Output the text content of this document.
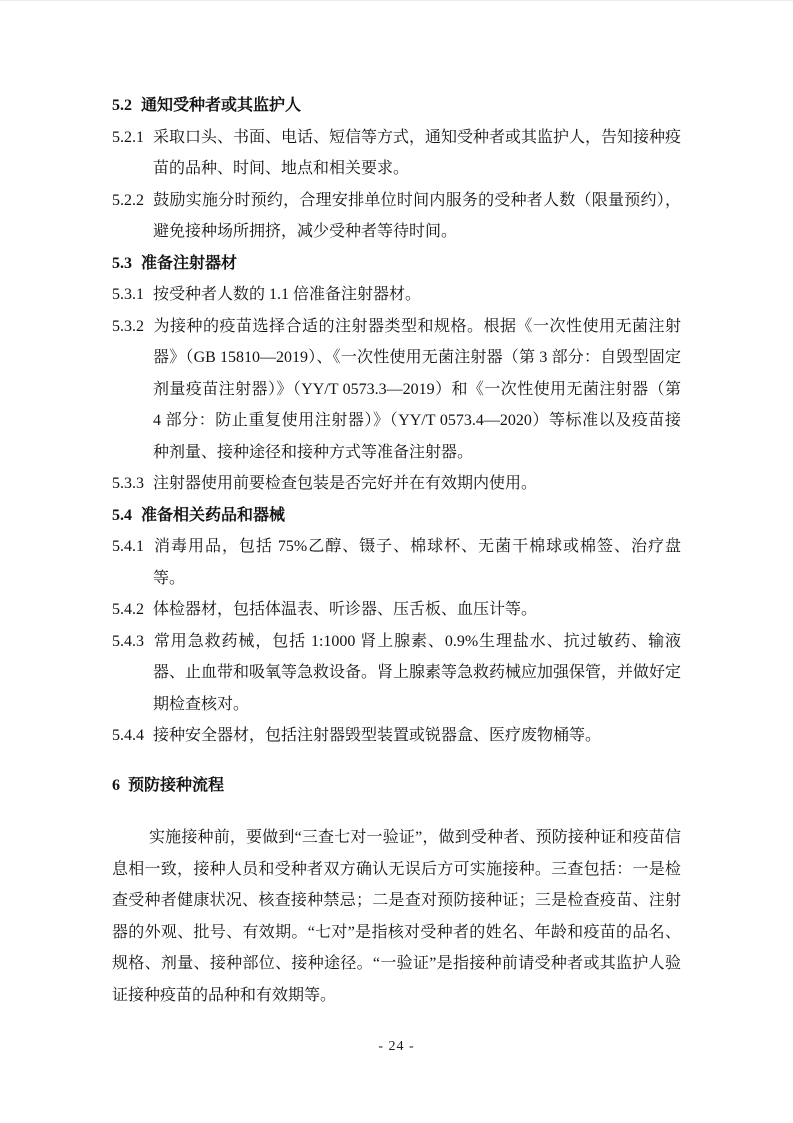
5.2 通知受种者或其监护人
5.2.1 采取口头、书面、电话、短信等方式，通知受种者或其监护人，告知接种疫苗的品种、时间、地点和相关要求。
5.2.2 鼓励实施分时预约，合理安排单位时间内服务的受种者人数（限量预约），避免接种场所拥挤，减少受种者等待时间。
5.3 准备注射器材
5.3.1 按受种者人数的 1.1 倍准备注射器材。
5.3.2 为接种的疫苗选择合适的注射器类型和规格。根据《一次性使用无菌注射器》（GB 15810—2019）、《一次性使用无菌注射器（第 3 部分：自毁型固定剂量疫苗注射器）》（YY/T 0573.3—2019）和《一次性使用无菌注射器（第 4 部分：防止重复使用注射器）》（YY/T 0573.4—2020）等标准以及疫苗接种剂量、接种途径和接种方式等准备注射器。
5.3.3 注射器使用前要检查包装是否完好并在有效期内使用。
5.4 准备相关药品和器械
5.4.1 消毒用品，包括 75%乙醇、镊子、棉球杯、无菌干棉球或棉签、治疗盘等。
5.4.2 体检器材，包括体温表、听诊器、压舌板、血压计等。
5.4.3 常用急救药械，包括 1:1000 肾上腺素、0.9%生理盐水、抗过敏药、输液器、止血带和吸氧等急救设备。肾上腺素等急救药械应加强保管，并做好定期检查核对。
5.4.4 接种安全器材，包括注射器毁型装置或锐器盒、医疗废物桶等。
6 预防接种流程
实施接种前，要做到“三查七对一验证”，做到受种者、预防接种证和疫苗信息相一致，接种人员和受种者双方确认无误后方可实施接种。三查包括：一是检查受种者健康状况、核查接种禁忌；二是查对预防接种证；三是检查疫苗、注射器的外观、批号、有效期。“七对”是指核对受种者的姓名、年龄和疫苗的品名、规格、剂量、接种部位、接种途径。“一验证”是指接种前请受种者或其监护人验证接种疫苗的品种和有效期等。
- 24 -
